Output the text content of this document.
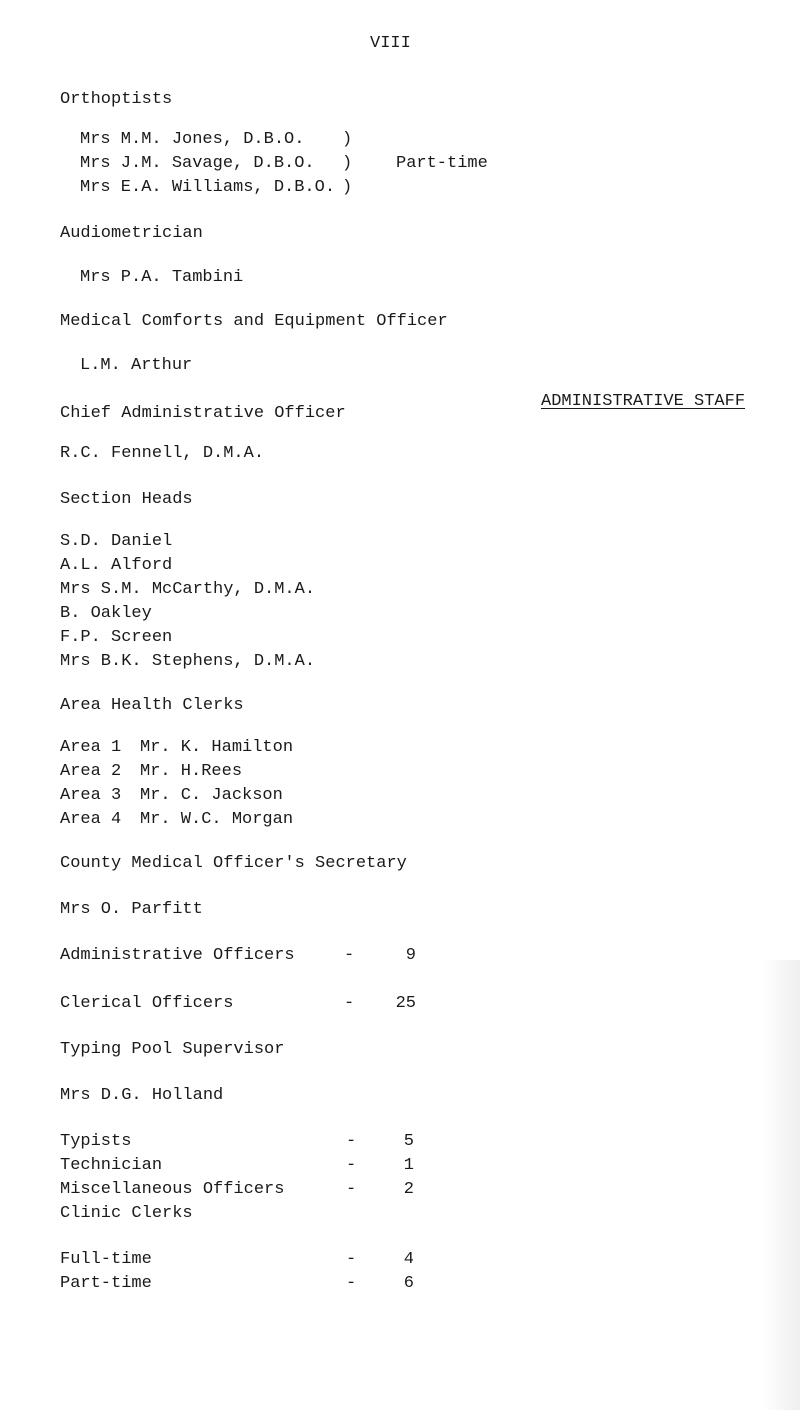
VIII
Orthoptists
Mrs M.M. Jones, D.B.O. )
Mrs J.M. Savage, D.B.O. )
Mrs E.A. Williams, D.B.O. )
Part-time
Audiometrician
Mrs P.A. Tambini
Medical Comforts and Equipment Officer
L.M. Arthur
ADMINISTRATIVE STAFF
Chief Administrative Officer
R.C. Fennell, D.M.A.
Section Heads
S.D. Daniel
A.L. Alford
Mrs S.M. McCarthy, D.M.A.
B. Oakley
F.P. Screen
Mrs B.K. Stephens, D.M.A.
Area Health Clerks
Area 1 Mr. K. Hamilton
Area 2 Mr. H.Rees
Area 3 Mr. C. Jackson
Area 4 Mr. W.C. Morgan
County Medical Officer's Secretary
Mrs O. Parfitt
Administrative Officers	-	9
Clerical Officers	-	25
Typing Pool Supervisor
Mrs D.G. Holland
Typists	-	5
Technician	-	1
Miscellaneous Officers	-	2
Clinic Clerks
Full-time	-	4
Part-time	-	6
